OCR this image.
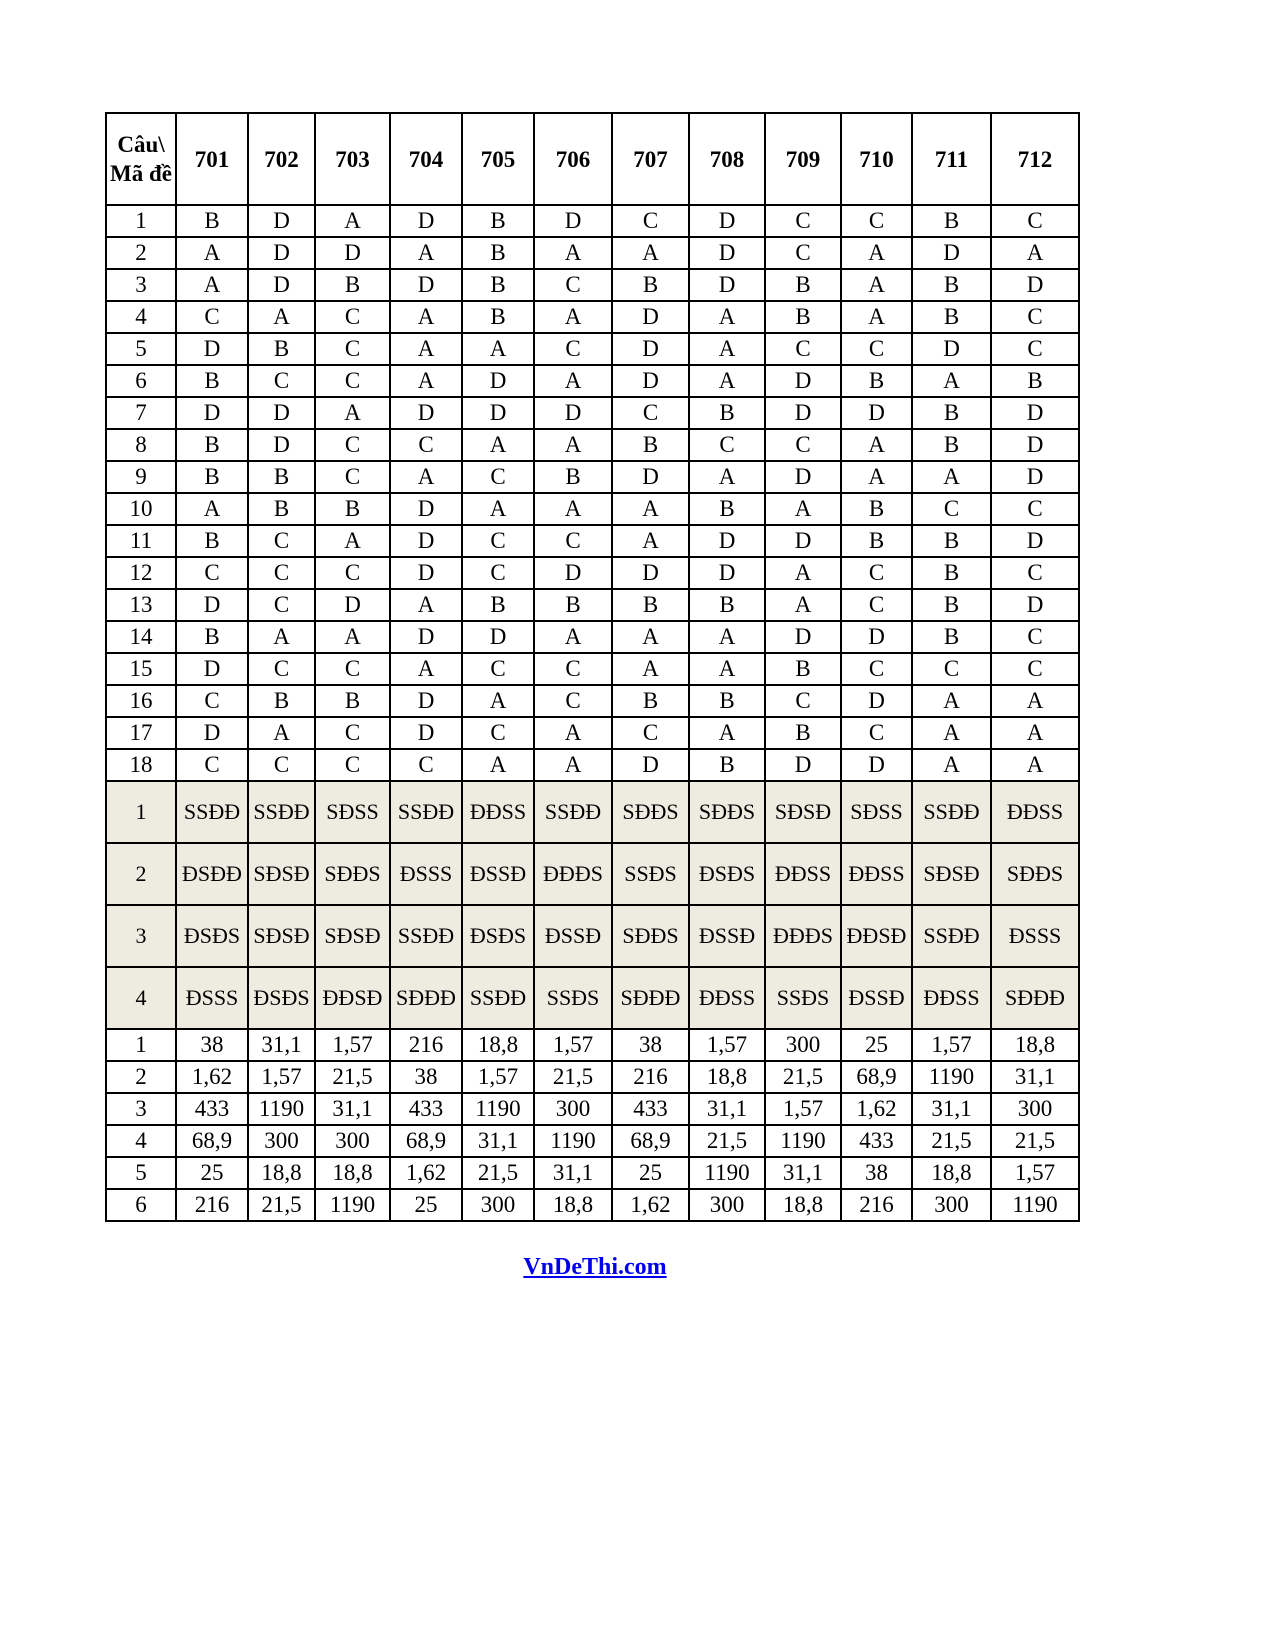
Câu\ Mã đề	701	702	703	704	705	706	707	708	709	710	711	712
1	B	D	A	D	B	D	C	D	C	C	B	C
2	A	D	D	A	B	A	A	D	C	A	D	A
3	A	D	B	D	B	C	B	D	B	A	B	D
4	C	A	C	A	B	A	D	A	B	A	B	C
5	D	B	C	A	A	C	D	A	C	C	D	C
6	B	C	C	A	D	A	D	A	D	B	A	B
7	D	D	A	D	D	D	C	B	D	D	B	D
8	B	D	C	C	A	A	B	C	C	A	B	D
9	B	B	C	A	C	B	D	A	D	A	A	D
10	A	B	B	D	A	A	A	B	A	B	C	C
11	B	C	A	D	C	C	A	D	D	B	B	D
12	C	C	C	D	C	D	D	D	A	C	B	C
13	D	C	D	A	B	B	B	B	A	C	B	D
14	B	A	A	D	D	A	A	A	D	D	B	C
15	D	C	C	A	C	C	A	A	B	C	C	C
16	C	B	B	D	A	C	B	B	C	D	A	A
17	D	A	C	D	C	A	C	A	B	C	A	A
18	C	C	C	C	A	A	D	B	D	D	A	A
1	SSĐĐ	SSĐĐ	SĐSS	SSĐĐ	ĐĐSS	SSĐĐ	SĐĐS	SĐĐS	SĐSĐ	SĐSS	SSĐĐ	ĐĐSS
2	ĐSĐĐ	SĐSĐ	SĐĐS	ĐSSS	ĐSSĐ	ĐĐĐS	SSĐS	ĐSĐS	ĐĐSS	ĐĐSS	SĐSĐ	SĐĐS
3	ĐSĐS	SĐSĐ	SĐSĐ	SSĐĐ	ĐSĐS	ĐSSĐ	SĐĐS	ĐSSĐ	ĐĐĐS	ĐĐSĐ	SSĐĐ	ĐSSS
4	ĐSSS	ĐSĐS	ĐĐSĐ	SĐĐĐ	SSĐĐ	SSĐS	SĐĐĐ	ĐĐSS	SSĐS	ĐSSĐ	ĐĐSS	SĐĐĐ
1	38	31,1	1,57	216	18,8	1,57	38	1,57	300	25	1,57	18,8
2	1,62	1,57	21,5	38	1,57	21,5	216	18,8	21,5	68,9	1190	31,1
3	433	1190	31,1	433	1190	300	433	31,1	1,57	1,62	31,1	300
4	68,9	300	300	68,9	31,1	1190	68,9	21,5	1190	433	21,5	21,5
5	25	18,8	18,8	1,62	21,5	31,1	25	1190	31,1	38	18,8	1,57
6	216	21,5	1190	25	300	18,8	1,62	300	18,8	216	300	1190
VnDeThi.com
